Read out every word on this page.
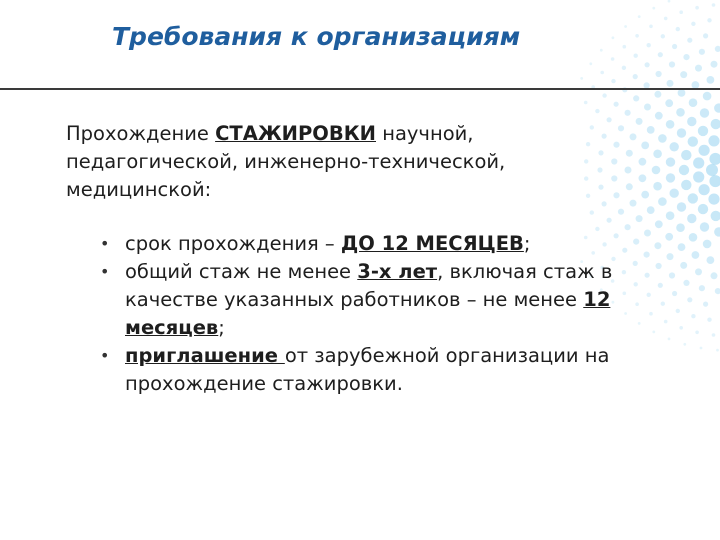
Требования к организациям

Прохождение СТАЖИРОВКИ научной, педагогической, инженерно-технической, медицинской:

• срок прохождения – ДО 12 МЕСЯЦЕВ;
• общий стаж не менее 3-х лет, включая стаж в качестве указанных работников – не менее 12 месяцев;
• приглашение от зарубежной организации на прохождение стажировки.
